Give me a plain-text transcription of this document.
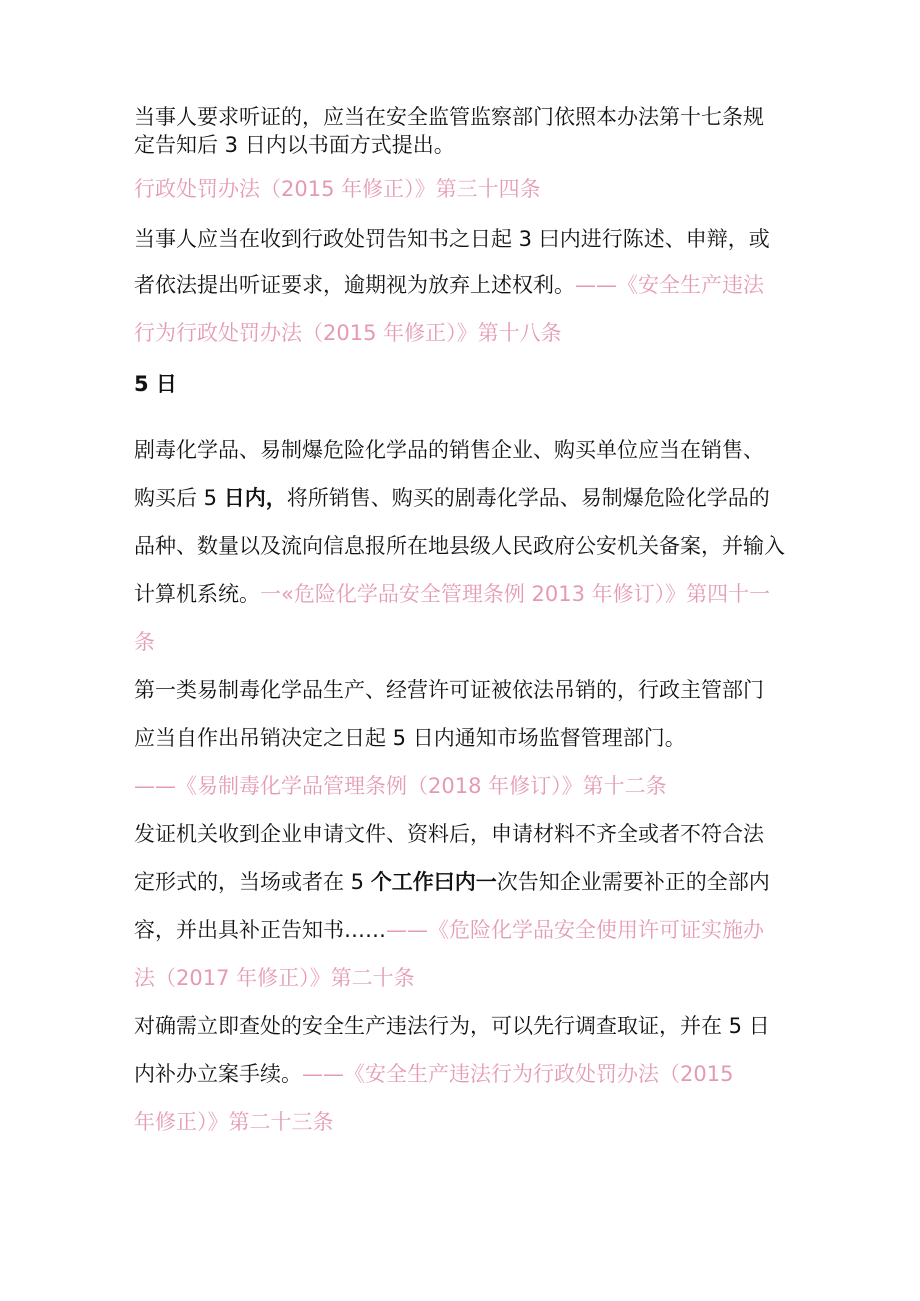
当事人要求听证的，应当在安全监管监察部门依照本办法第十七条规
定告知后 3 日内以书面方式提出。
行政处罚办法（2015 年修正）》第三十四条
当事人应当在收到行政处罚告知书之日起 3 曰内进行陈述、申辩，或
者依法提出听证要求，逾期视为放弃上述权利。——《安全生产违法
行为行政处罚办法（2015 年修正）》第十八条
5 日
剧毒化学品、易制爆危险化学品的销售企业、购买单位应当在销售、
购买后 5 日内，将所销售、购买的剧毒化学品、易制爆危险化学品的
品种、数量以及流向信息报所在地县级人民政府公安机关备案，并输入
计算机系统。一«危险化学品安全管理条例 2013 年修订）》第四十一
条
第一类易制毒化学品生产、经营许可证被依法吊销的，行政主管部门
应当自作出吊销决定之日起 5 日内通知市场监督管理部门。
——《易制毒化学品管理条例（2018 年修订）》第十二条
发证机关收到企业申请文件、资料后，申请材料不齐全或者不符合法
定形式的，当场或者在 5 个工作曰内一次告知企业需要补正的全部内
容，并出具补正告知书……——《危险化学品安全使用许可证实施办
法（2017 年修正）》第二十条
对确需立即查处的安全生产违法行为，可以先行调查取证，并在 5 日
内补办立案手续。——《安全生产违法行为行政处罚办法（2015
年修正）》第二十三条
